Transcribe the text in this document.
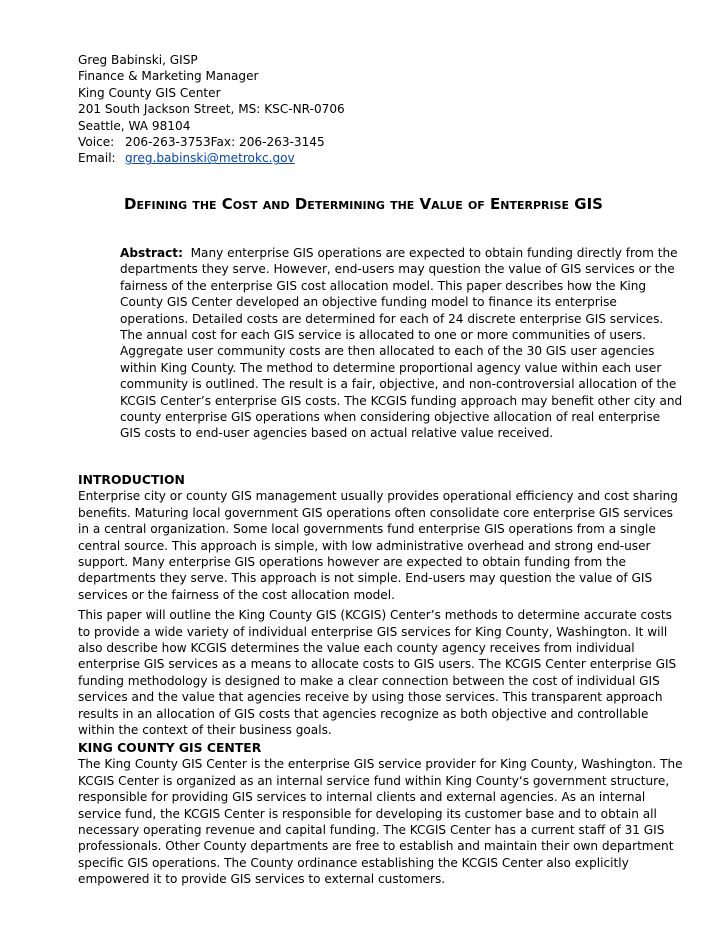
Greg Babinski, GISP
Finance & Marketing Manager
King County GIS Center
201 South Jackson Street, MS: KSC-NR-0706
Seattle, WA 98104
Voice: 206-263-3753Fax: 206-263-3145
Email: greg.babinski@metrokc.gov
Defining the Cost and Determining the Value of Enterprise GIS
Abstract: Many enterprise GIS operations are expected to obtain funding directly from the departments they serve. However, end-users may question the value of GIS services or the fairness of the enterprise GIS cost allocation model. This paper describes how the King County GIS Center developed an objective funding model to finance its enterprise operations. Detailed costs are determined for each of 24 discrete enterprise GIS services. The annual cost for each GIS service is allocated to one or more communities of users. Aggregate user community costs are then allocated to each of the 30 GIS user agencies within King County. The method to determine proportional agency value within each user community is outlined. The result is a fair, objective, and non-controversial allocation of the KCGIS Center’s enterprise GIS costs. The KCGIS funding approach may benefit other city and county enterprise GIS operations when considering objective allocation of real enterprise GIS costs to end-user agencies based on actual relative value received.
INTRODUCTION

Enterprise city or county GIS management usually provides operational efficiency and cost sharing benefits. Maturing local government GIS operations often consolidate core enterprise GIS services in a central organization. Some local governments fund enterprise GIS operations from a single central source. This approach is simple, with low administrative overhead and strong end-user support. Many enterprise GIS operations however are expected to obtain funding from the departments they serve. This approach is not simple. End-users may question the value of GIS services or the fairness of the cost allocation model.

This paper will outline the King County GIS (KCGIS) Center’s methods to determine accurate costs to provide a wide variety of individual enterprise GIS services for King County, Washington. It will also describe how KCGIS determines the value each county agency receives from individual enterprise GIS services as a means to allocate costs to GIS users. The KCGIS Center enterprise GIS funding methodology is designed to make a clear connection between the cost of individual GIS services and the value that agencies receive by using those services. This transparent approach results in an allocation of GIS costs that agencies recognize as both objective and controllable within the context of their business goals.

KING COUNTY GIS CENTER

The King County GIS Center is the enterprise GIS service provider for King County, Washington. The KCGIS Center is organized as an internal service fund within King County‘s government structure, responsible for providing GIS services to internal clients and external agencies. As an internal service fund, the KCGIS Center is responsible for developing its customer base and to obtain all necessary operating revenue and capital funding. The KCGIS Center has a current staff of 31 GIS professionals. Other County departments are free to establish and maintain their own department specific GIS operations. The County ordinance establishing the KCGIS Center also explicitly empowered it to provide GIS services to external customers.
